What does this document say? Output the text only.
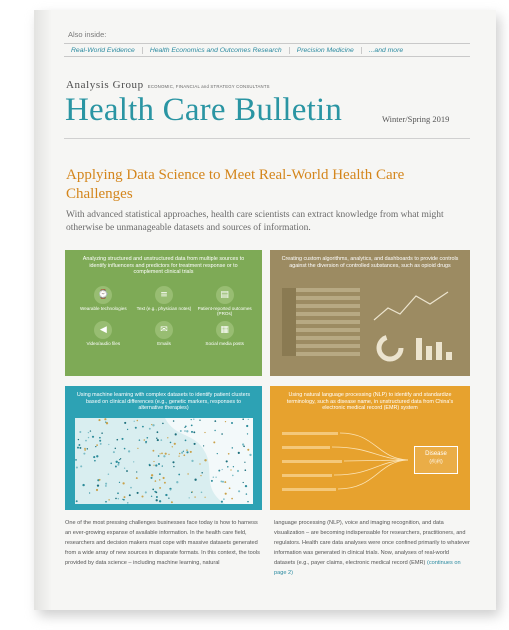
Also inside:
Real-World Evidence	Health Economics and Outcomes Research	Precision Medicine	...and more
Analysis Group ECONOMIC, FINANCIAL and STRATEGY CONSULTANTS
Health Care Bulletin	Winter/Spring 2019
Applying Data Science to Meet Real-World Health Care Challenges
With advanced statistical approaches, health care scientists can extract knowledge from what might otherwise be unmanageable datasets and sources of information.
Analyzing structured and unstructured data from multiple sources to identify influencers and predictors for treatment response or to complement clinical trials
⌚
Wearable technologies
≡
Text (e.g., physician notes)
▤
Patient-reported outcomes (PROs)
◀
Video/audio files
✉
Emails
▦
Social media posts
Creating custom algorithms, analytics, and dashboards to provide controls against the diversion of controlled substances, such as opioid drugs
Using machine learning with complex datasets to identify patient clusters based on clinical differences (e.g., genetic markers, responses to alternative therapies)
Using natural language processing (NLP) to identify and standardize terminology, such as disease name, in unstructured data from China's electronic medical record (EMR) system
Disease
(疾病)

One of the most pressing challenges businesses face today is how to harness an ever-growing expanse of available information. In the health care field, researchers and decision makers must cope with massive datasets generated from a wide array of new sources in disparate formats. In this context, the tools provided by data science – including machine learning, natural

language processing (NLP), voice and imaging recognition, and data visualization – are becoming indispensable for researchers, practitioners, and regulators. Health care data analyses were once confined primarily to whatever information was generated in clinical trials. Now, analyses of real-world datasets (e.g., payer claims, electronic medical record (EMR) (continues on page 2)
